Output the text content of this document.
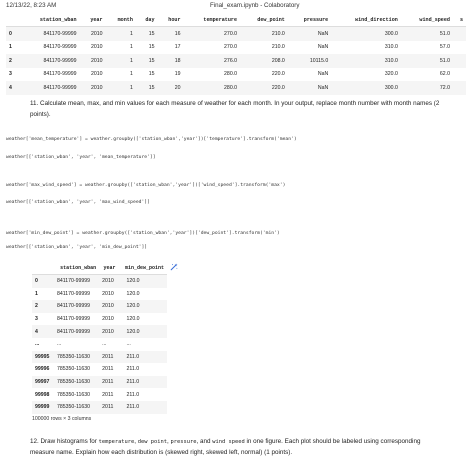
12/13/22, 8:23 AM	Final_exam.ipynb - Colaboratory
	station_wban	year	month	day	hour	temperature	dew_point	pressure	wind_direction	wind_speed	s
0	841170-99999	2010	1	15	16	270.0	210.0	NaN	300.0	51.0	
1	841170-99999	2010	1	15	17	270.0	210.0	NaN	310.0	57.0	
2	841170-99999	2010	1	15	18	276.0	208.0	10115.0	310.0	51.0	
3	841170-99999	2010	1	15	19	280.0	220.0	NaN	320.0	62.0	
4	841170-99999	2010	1	15	20	280.0	220.0	NaN	300.0	72.0	
11. Calculate mean, max, and min values for each measure of weather for each month. In your output, replace month number with month names (2 points).
weather['mean_temperature'] = weather.groupby(['station_wban','year'])['temperature'].transform('mean')
weather[['station_wban', 'year', 'mean_temperature']]
weather['max_wind_speed'] = weather.groupby(['station_wban','year'])['wind_speed'].transform('max')
weather[['station_wban', 'year', 'max_wind_speed']]
weather['min_dew_point'] = weather.groupby(['station_wban','year'])['dew_point'].transform('min')
weather[['station_wban', 'year', 'min_dew_point']]
	station_wban	year	min_dew_point
0	841170-99999	2010	120.0
1	841170-99999	2010	120.0
2	841170-99999	2010	120.0
3	841170-99999	2010	120.0
4	841170-99999	2010	120.0
...	...	...	...
99995	785350-11630	2011	211.0
99996	785350-11630	2011	211.0
99997	785350-11630	2011	211.0
99998	785350-11630	2011	211.0
99999	785350-11630	2011	211.0
100000 rows × 3 columns
12. Draw histograms for temperature, dew point, pressure, and wind speed in one figure. Each plot should be labeled using corresponding measure name. Explain how each distribution is (skewed right, skewed left, normal) (1 points).
